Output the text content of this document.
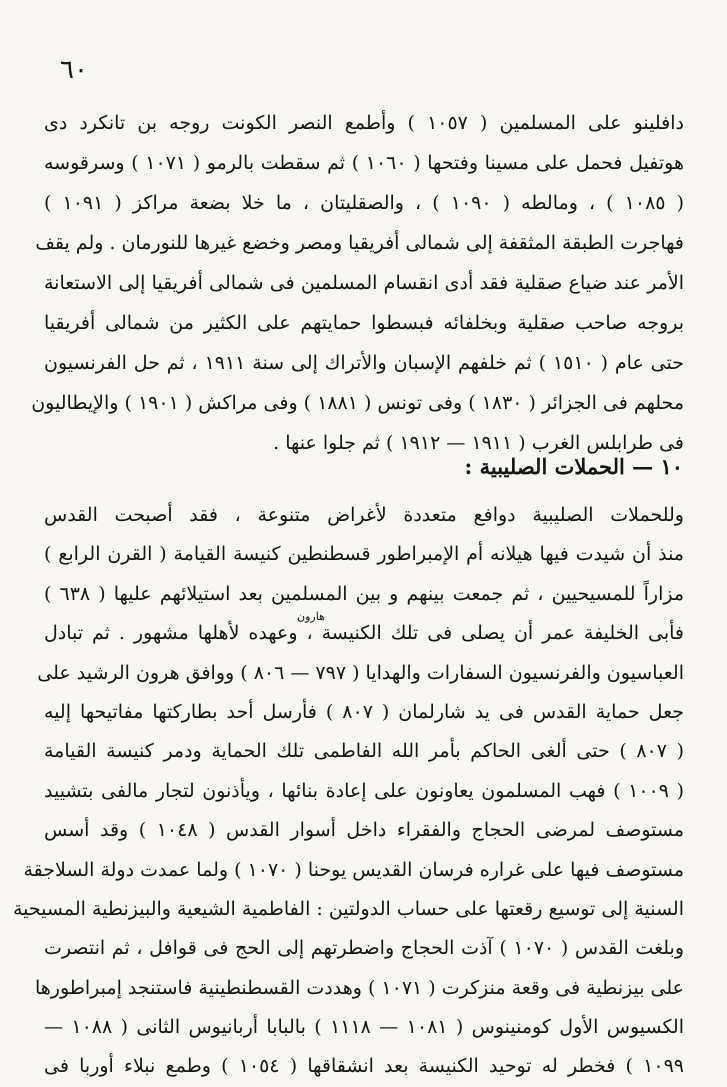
٦٠
دافلينو على المسلمين ( ١٠٥٧ ) وأطمع النصر الكونت روجه بن تانكرد دى
هوتفيل فحمل على مسينا وفتحها ( ١٠٦٠ ) ثم سقطت بالرمو ( ١٠٧١ ) وسرقوسه
( ١٠٨٥ ) ، ومالطه ( ١٠٩٠ ) ، والصقليتان ، ما خلا بضعة مراكز ( ١٠٩١ )
فهاجرت الطبقة المثقفة إلى شمالى أفريقيا ومصر وخضع غيرها للنورمان . ولم يقف
الأمر عند ضياع صقلية فقد أدى انقسام المسلمين فى شمالى أفريقيا إلى الاستعانة
بروجه صاحب صقلية وبخلفائه فبسطوا حمايتهم على الكثير من شمالى أفريقيا
حتى عام ( ١٥١٠ ) ثم خلفهم الإسبان والأتراك إلى سنة ١٩١١ ، ثم حل الفرنسيون
محلهم فى الجزائر ( ١٨٣٠ ) وفى تونس ( ١٨٨١ ) وفى مراكش ( ١٩٠١ ) والإيطاليون
فى طرابلس الغرب ( ١٩١١ — ١٩١٢ ) ثم جلوا عنها .
١٠ — الحملات الصليبية :
وللحملات الصليبية دوافع متعددة لأغراض متنوعة ، فقد أصبحت القدس
منذ أن شيدت فيها هيلانه أم الإمبراطور قسطنطين كنيسة القيامة ( القرن الرابع )
مزاراً للمسيحيين ، ثم جمعت بينهم و بين المسلمين بعد استيلائهم عليها ( ٦٣٨ )
فأبى الخليفة عمر أن يصلى فى تلك الكنيسة ، وعهده لأهلها مشهور . ثم تبادل
العباسيون والفرنسيون السفارات والهدايا ( ٧٩٧ — ٨٠٦ ) ووافق هرون الرشيد على
جعل حماية القدس فى يد شارلمان ( ٨٠٧ ) فأرسل أحد بطاركتها مفاتيحها إليه
( ٨٠٧ ) حتى ألغى الحاكم بأمر الله الفاطمى تلك الحماية ودمر كنيسة القيامة
( ١٠٠٩ ) فهب المسلمون يعاونون على إعادة بنائها ، ويأذنون لتجار مالفى بتشييد
مستوصف لمرضى الحجاج والفقراء داخل أسوار القدس ( ١٠٤٨ ) وقد أسس
مستوصف فيها على غراره فرسان القديس يوحنا ( ١٠٧٠ ) ولما عمدت دولة السلاجقة
السنية إلى توسيع رقعتها على حساب الدولتين : الفاطمية الشيعية والبيزنطية المسيحية
وبلغت القدس ( ١٠٧٠ ) آذت الحجاج واضطرتهم إلى الحج فى قوافل ، ثم انتصرت
على بيزنطية فى وقعة منزكرت ( ١٠٧١ ) وهددت القسطنطينية فاستنجد إمبراطورها
الكسيوس الأول كومنينوس ( ١٠٨١ — ١١١٨ ) بالبابا أربانيوس الثانى ( ١٠٨٨ —
١٠٩٩ ) فخطر له توحيد الكنيسة بعد انشقاقها ( ١٠٥٤ ) وطمع نبلاء أوربا فى
هارون
